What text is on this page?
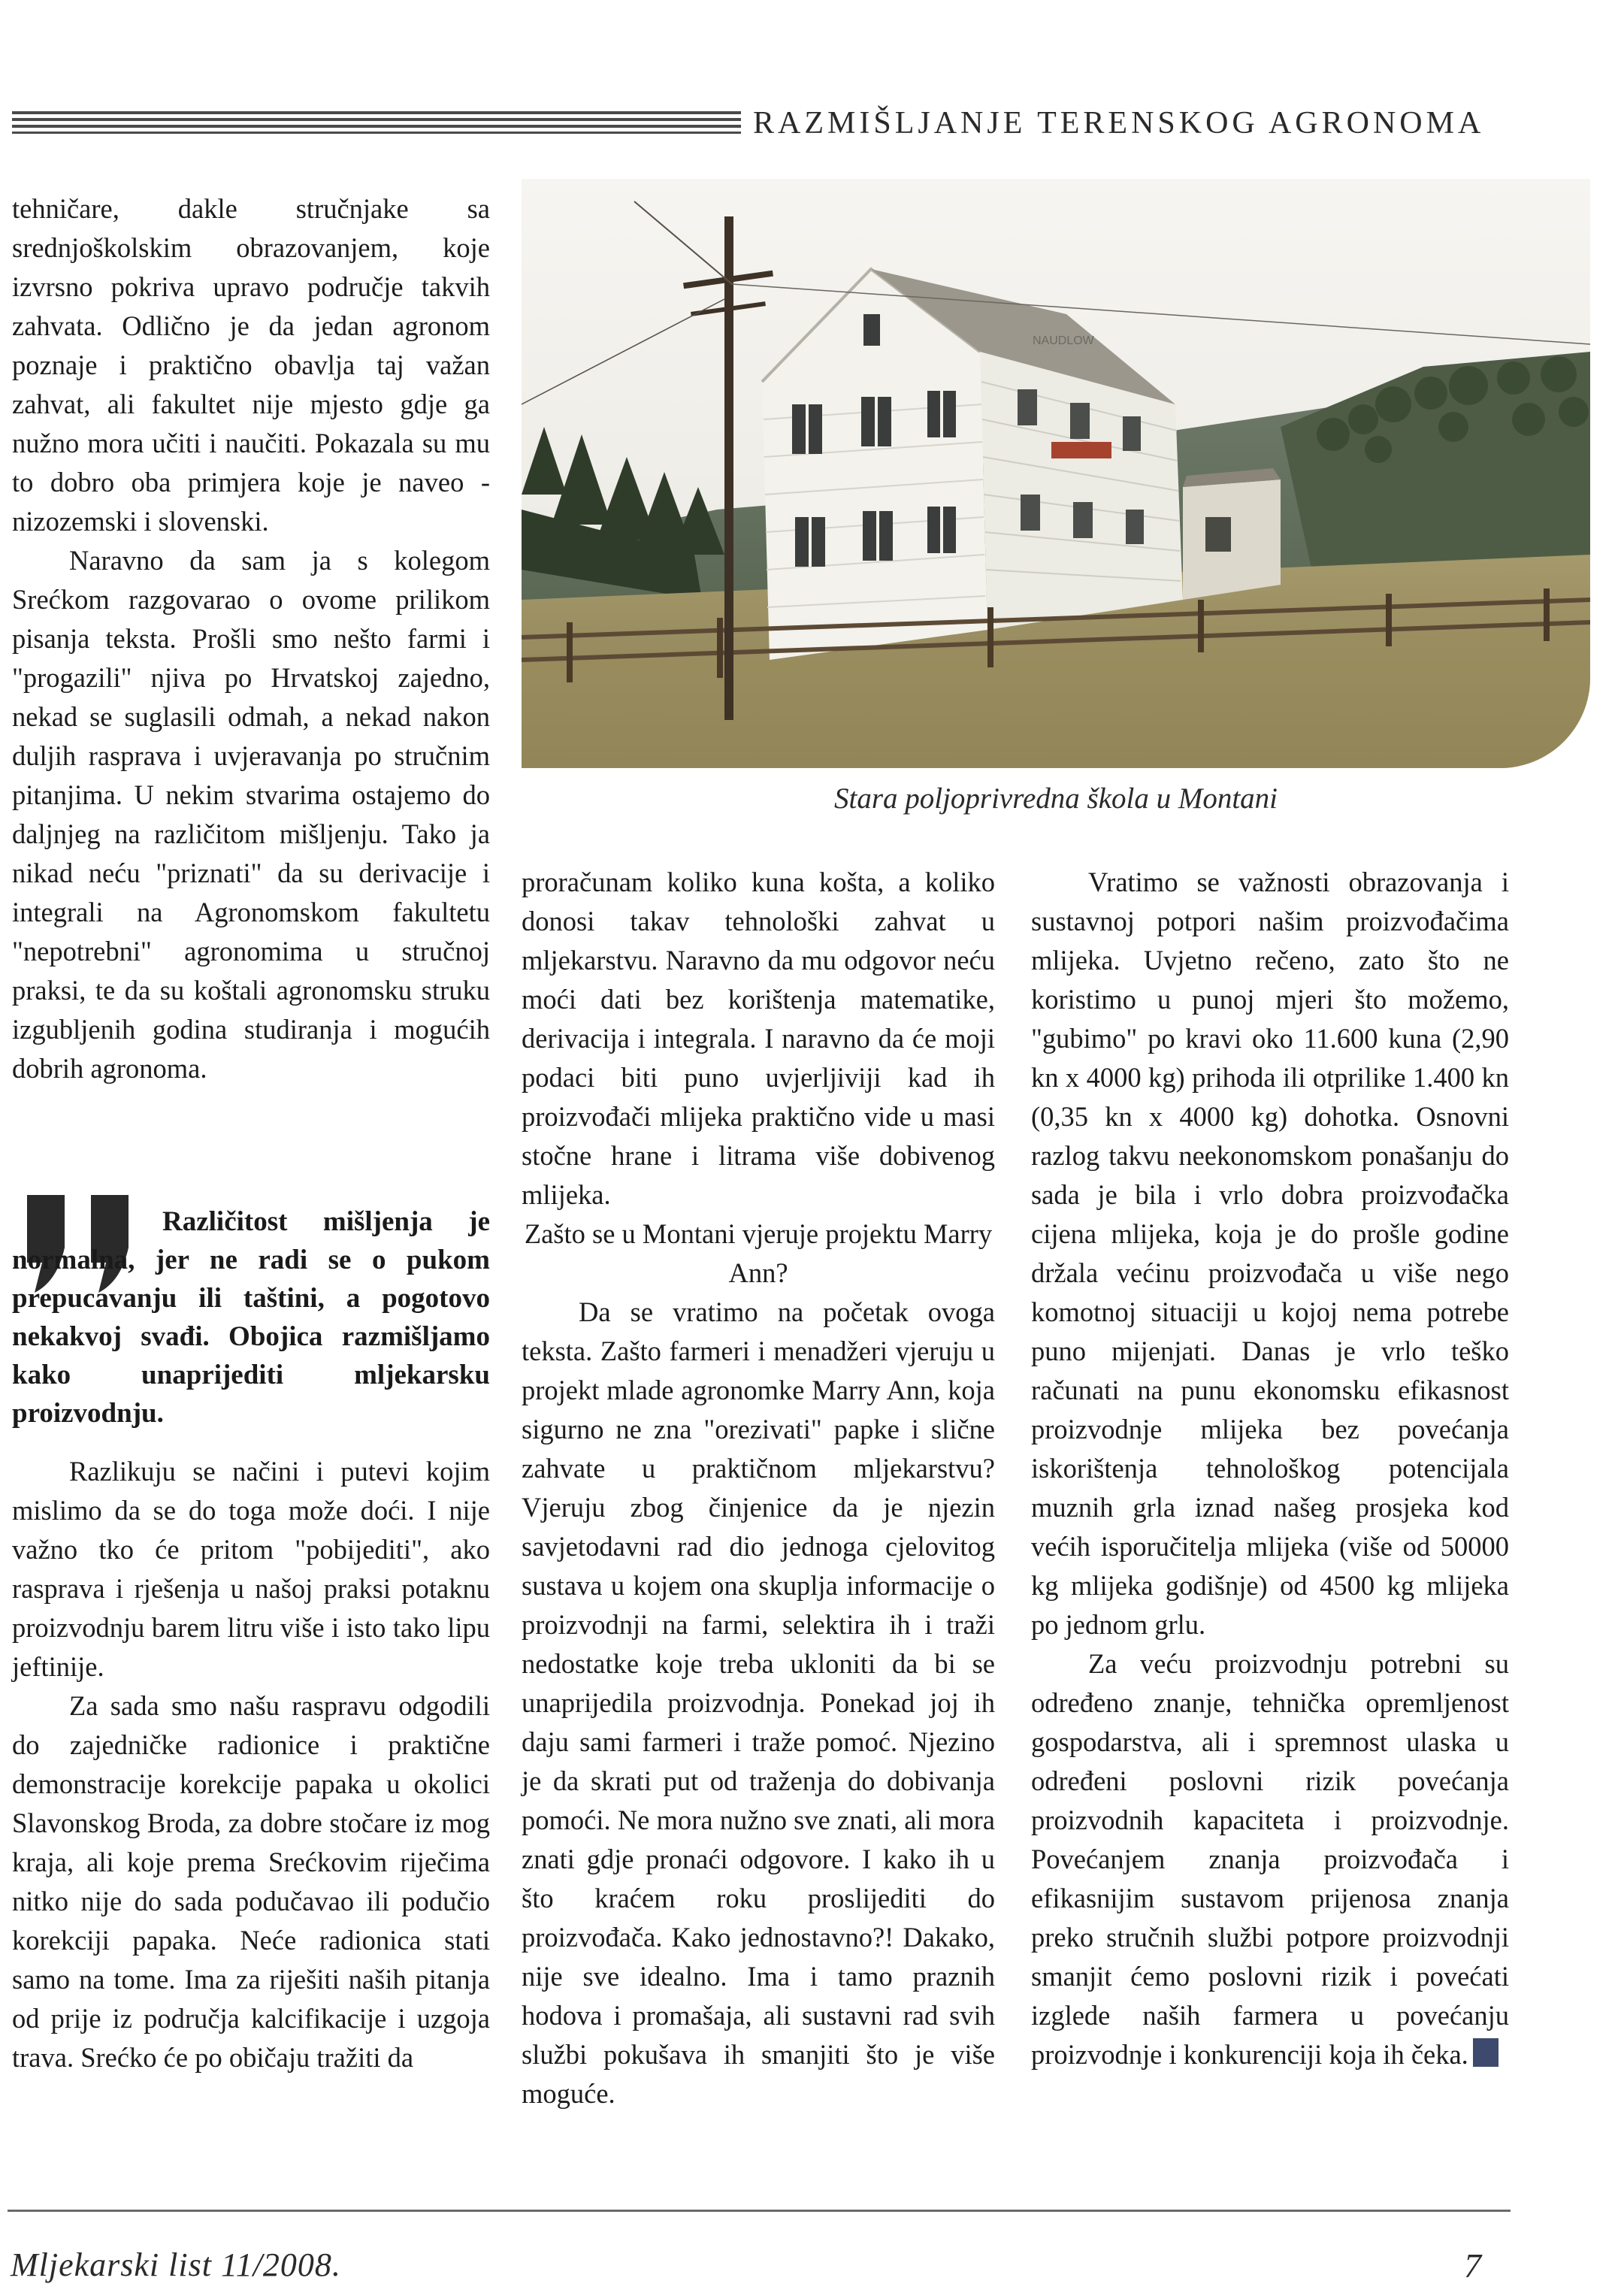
RAZMIŠLJANJE TERENSKOG AGRONOMA
NAUDLOW
Stara poljoprivredna škola u Montani

tehničare, dakle stručnjake sa srednjoškolskim obrazovanjem, koje izvrsno pokriva upravo područje takvih zahvata. Odlično je da jedan agronom poznaje i praktično obavlja taj važan zahvat, ali fakultet nije mjesto gdje ga nužno mora učiti i naučiti. Pokazala su mu to dobro oba primjera koje je naveo - nizozemski i slovenski.

Naravno da sam ja s kolegom Srećkom razgovarao o ovome prilikom pisanja teksta. Prošli smo nešto farmi i "progazili" njiva po Hrvatskoj zajedno, nekad se suglasili odmah, a nekad nakon duljih rasprava i uvjeravanja po stručnim pitanjima. U nekim stvarima ostajemo do daljnjeg na različitom mišljenju. Tako ja nikad neću "priznati" da su derivacije i integrali na Agronomskom fakultetu "nepotrebni" agronomima u stručnoj praksi, te da su koštali agronomsku struku izgubljenih godina studiranja i mogućih dobrih agronoma.

Različitost mišljenja je normalna, jer ne radi se o pukom prepucavanju ili taštini, a pogotovo nekakvoj svađi. Obojica razmišljamo kako unaprijediti mljekarsku proizvodnju.

Razlikuju se načini i putevi kojim mislimo da se do toga može doći. I nije važno tko će pritom "pobijediti", ako rasprava i rješenja u našoj praksi potaknu proizvodnju barem litru više i isto tako lipu jeftinije.

Za sada smo našu raspravu odgodili do zajedničke radionice i praktične demonstracije korekcije papaka u okolici Slavonskog Broda, za dobre stočare iz mog kraja, ali koje prema Srećkovim riječima nitko nije do sada podučavao ili podučio korekciji papaka. Neće radionica stati samo na tome. Ima za riješiti naših pitanja od prije iz područja kalcifikacije i uzgoja trava. Srećko će po običaju tražiti da

proračunam koliko kuna košta, a koliko donosi takav tehnološki zahvat u mljekarstvu. Naravno da mu odgovor neću moći dati bez korištenja matematike, derivacija i integrala. I naravno da će moji podaci biti puno uvjerljiviji kad ih proizvođači mlijeka praktično vide u masi stočne hrane i litrama više dobivenog mlijeka.

Zašto se u Montani vjeruje projektu Marry Ann?

Da se vratimo na početak ovoga teksta. Zašto farmeri i menadžeri vjeruju u projekt mlade agronomke Marry Ann, koja sigurno ne zna "orezivati" papke i slične zahvate u praktičnom mljekarstvu? Vjeruju zbog činjenice da je njezin savjetodavni rad dio jednoga cjelovitog sustava u kojem ona skuplja informacije o proizvodnji na farmi, selektira ih i traži nedostatke koje treba ukloniti da bi se unaprijedila proizvodnja. Ponekad joj ih daju sami farmeri i traže pomoć. Njezino je da skrati put od traženja do dobivanja pomoći. Ne mora nužno sve znati, ali mora znati gdje pronaći odgovore. I kako ih u što kraćem roku proslijediti do proizvođača. Kako jednostavno?! Dakako, nije sve idealno. Ima i tamo praznih hodova i promašaja, ali sustavni rad svih službi pokušava ih smanjiti što je više moguće.

Vratimo se važnosti obrazovanja i sustavnoj potpori našim proizvođačima mlijeka. Uvjetno rečeno, zato što ne koristimo u punoj mjeri što možemo, "gubimo" po kravi oko 11.600 kuna (2,90 kn x 4000 kg) prihoda ili otprilike 1.400 kn (0,35 kn x 4000 kg) dohotka. Osnovni razlog takvu neekonomskom ponašanju do sada je bila i vrlo dobra proizvođačka cijena mlijeka, koja je do prošle godine držala većinu proizvođača u više nego komotnoj situaciji u kojoj nema potrebe puno mijenjati. Danas je vrlo teško računati na punu ekonomsku efikasnost proizvodnje mlijeka bez povećanja iskorištenja tehnološkog potencijala muznih grla iznad našeg prosjeka kod većih isporučitelja mlijeka (više od 50000 kg mlijeka godišnje) od 4500 kg mlijeka po jednom grlu.

Za veću proizvodnju potrebni su određeno znanje, tehnička opremljenost gospodarstva, ali i spremnost ulaska u određeni poslovni rizik povećanja proizvodnih kapaciteta i proizvodnje. Povećanjem znanja proizvođača i efikasnijim sustavom prijenosa znanja preko stručnih službi potpore proizvodnji smanjit ćemo poslovni rizik i povećati izglede naših farmera u povećanju proizvodnje i konkurenciji koja ih čeka.

Mljekarski list 11/2008.	7
